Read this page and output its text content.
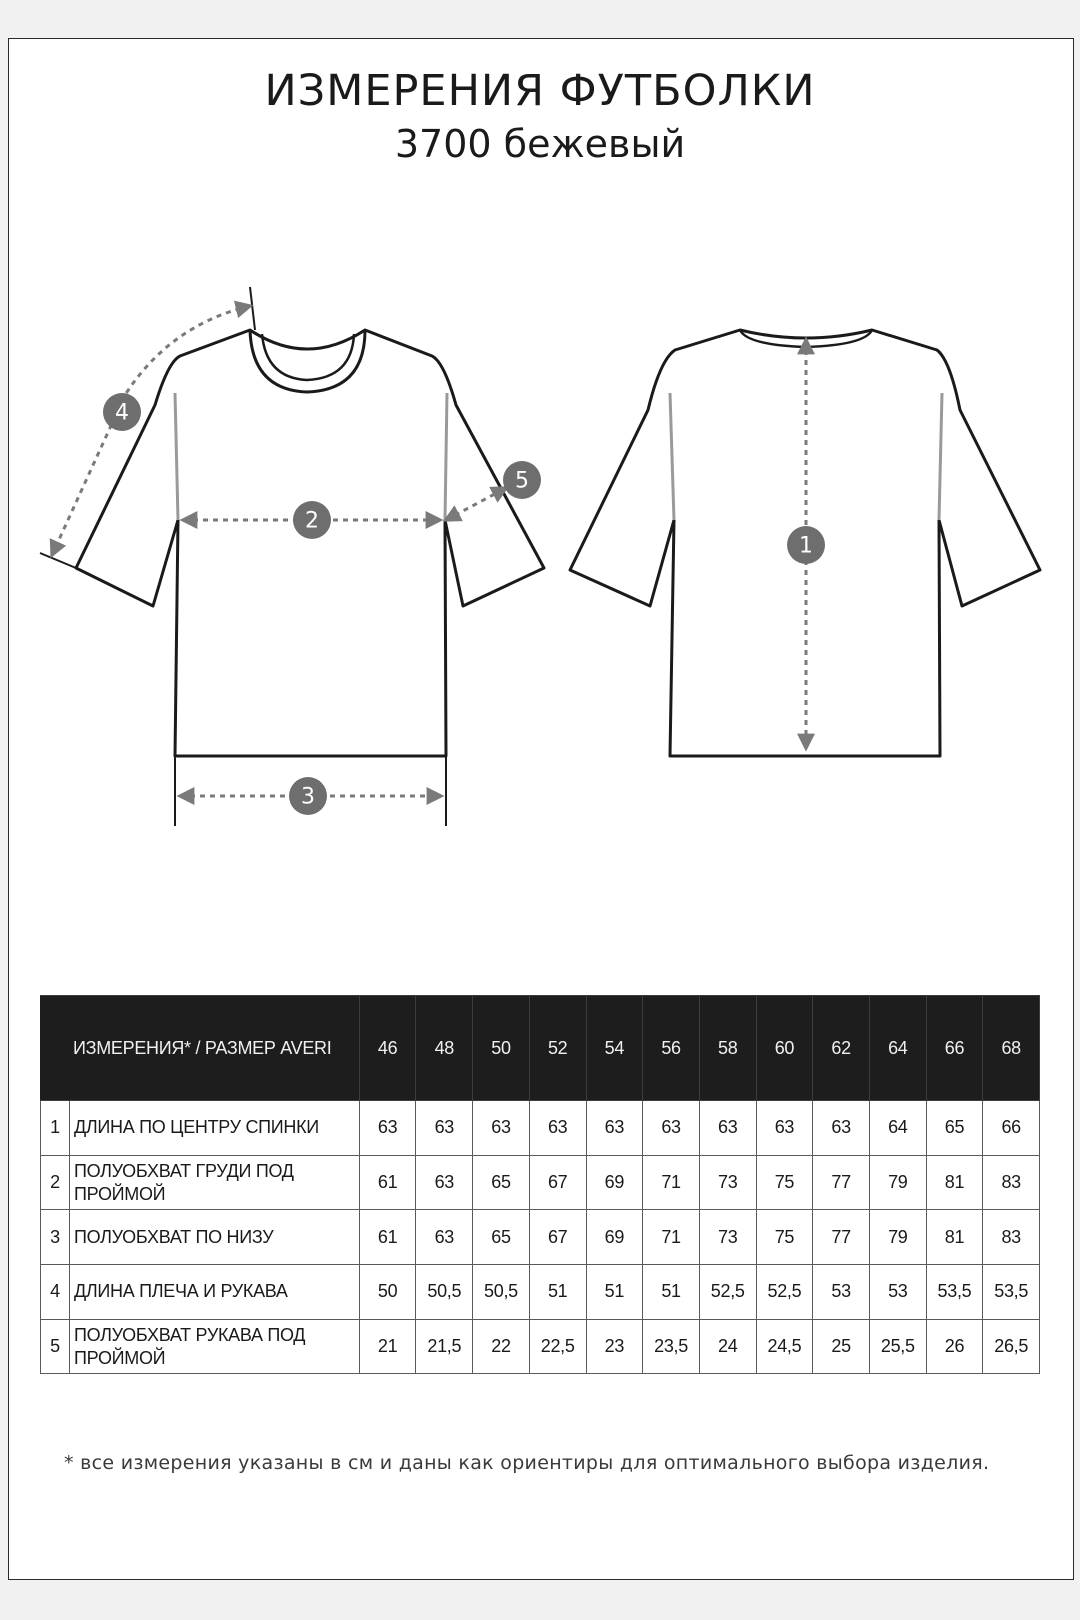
ИЗМЕРЕНИЯ ФУТБОЛКИ
3700 бежевый
4
2
5
3
1
ИЗМЕРЕНИЯ* / РАЗМЕР AVERI		46	48	50	52	54	56	58	60	62	64	66	68
1	ДЛИНА ПО ЦЕНТРУ СПИНКИ	63	63	63	63	63	63	63	63	63	64	65	66
2	ПОЛУОБХВАТ ГРУДИ ПОД ПРОЙМОЙ	61	63	65	67	69	71	73	75	77	79	81	83
3	ПОЛУОБХВАТ ПО НИЗУ	61	63	65	67	69	71	73	75	77	79	81	83
4	ДЛИНА ПЛЕЧА И РУКАВА	50	50,5	50,5	51	51	51	52,5	52,5	53	53	53,5	53,5
5	ПОЛУОБХВАТ РУКАВА ПОД ПРОЙМОЙ	21	21,5	22	22,5	23	23,5	24	24,5	25	25,5	26	26,5
* все измерения указаны в см и даны как ориентиры для оптимального выбора изделия.
